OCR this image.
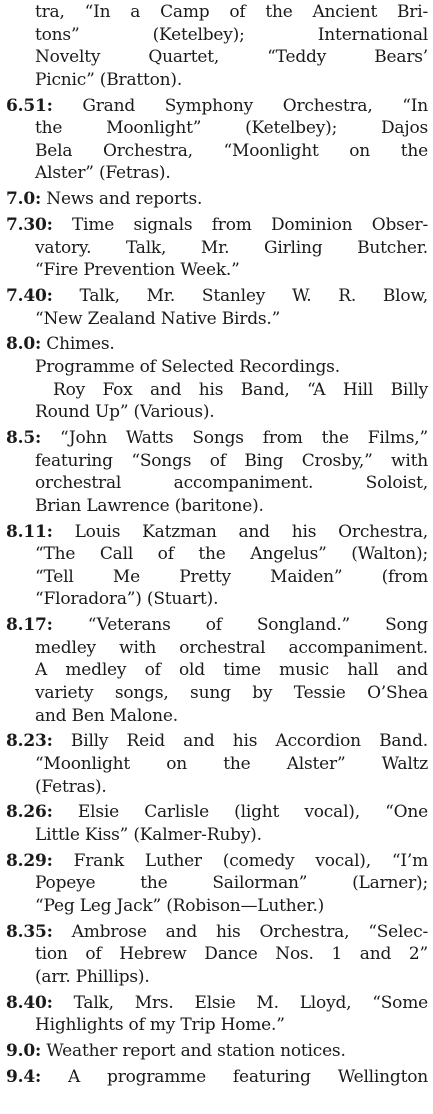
tra, “In a Camp of the Ancient Bri-
tons” (Ketelbey); International
Novelty Quartet, “Teddy Bears’
Picnic” (Bratton).
6.51: Grand Symphony Orchestra, “In
the Moonlight” (Ketelbey); Dajos
Bela Orchestra, “Moonlight on the
Alster” (Fetras).
7.0: News and reports.
7.30: Time signals from Dominion Obser-
vatory. Talk, Mr. Girling Butcher.
“Fire Prevention Week.”
7.40: Talk, Mr. Stanley W. R. Blow,
“New Zealand Native Birds.”
8.0: Chimes.
Programme of Selected Recordings.
Roy Fox and his Band, “A Hill Billy
Round Up” (Various).
8.5: “John Watts Songs from the Films,”
featuring “Songs of Bing Crosby,” with
orchestral accompaniment. Soloist,
Brian Lawrence (baritone).
8.11: Louis Katzman and his Orchestra,
“The Call of the Angelus” (Walton);
“Tell Me Pretty Maiden” (from
“Floradora”) (Stuart).
8.17: “Veterans of Songland.” Song
medley with orchestral accompaniment.
A medley of old time music hall and
variety songs, sung by Tessie O’Shea
and Ben Malone.
8.23: Billy Reid and his Accordion Band.
“Moonlight on the Alster” Waltz
(Fetras).
8.26: Elsie Carlisle (light vocal), “One
Little Kiss” (Kalmer-Ruby).
8.29: Frank Luther (comedy vocal), “I’m
Popeye the Sailorman” (Larner);
“Peg Leg Jack” (Robison—Luther.)
8.35: Ambrose and his Orchestra, “Selec-
tion of Hebrew Dance Nos. 1 and 2”
(arr. Phillips).
8.40: Talk, Mrs. Elsie M. Lloyd, “Some
Highlights of my Trip Home.”
9.0: Weather report and station notices.
9.4: A programme featuring Wellington
